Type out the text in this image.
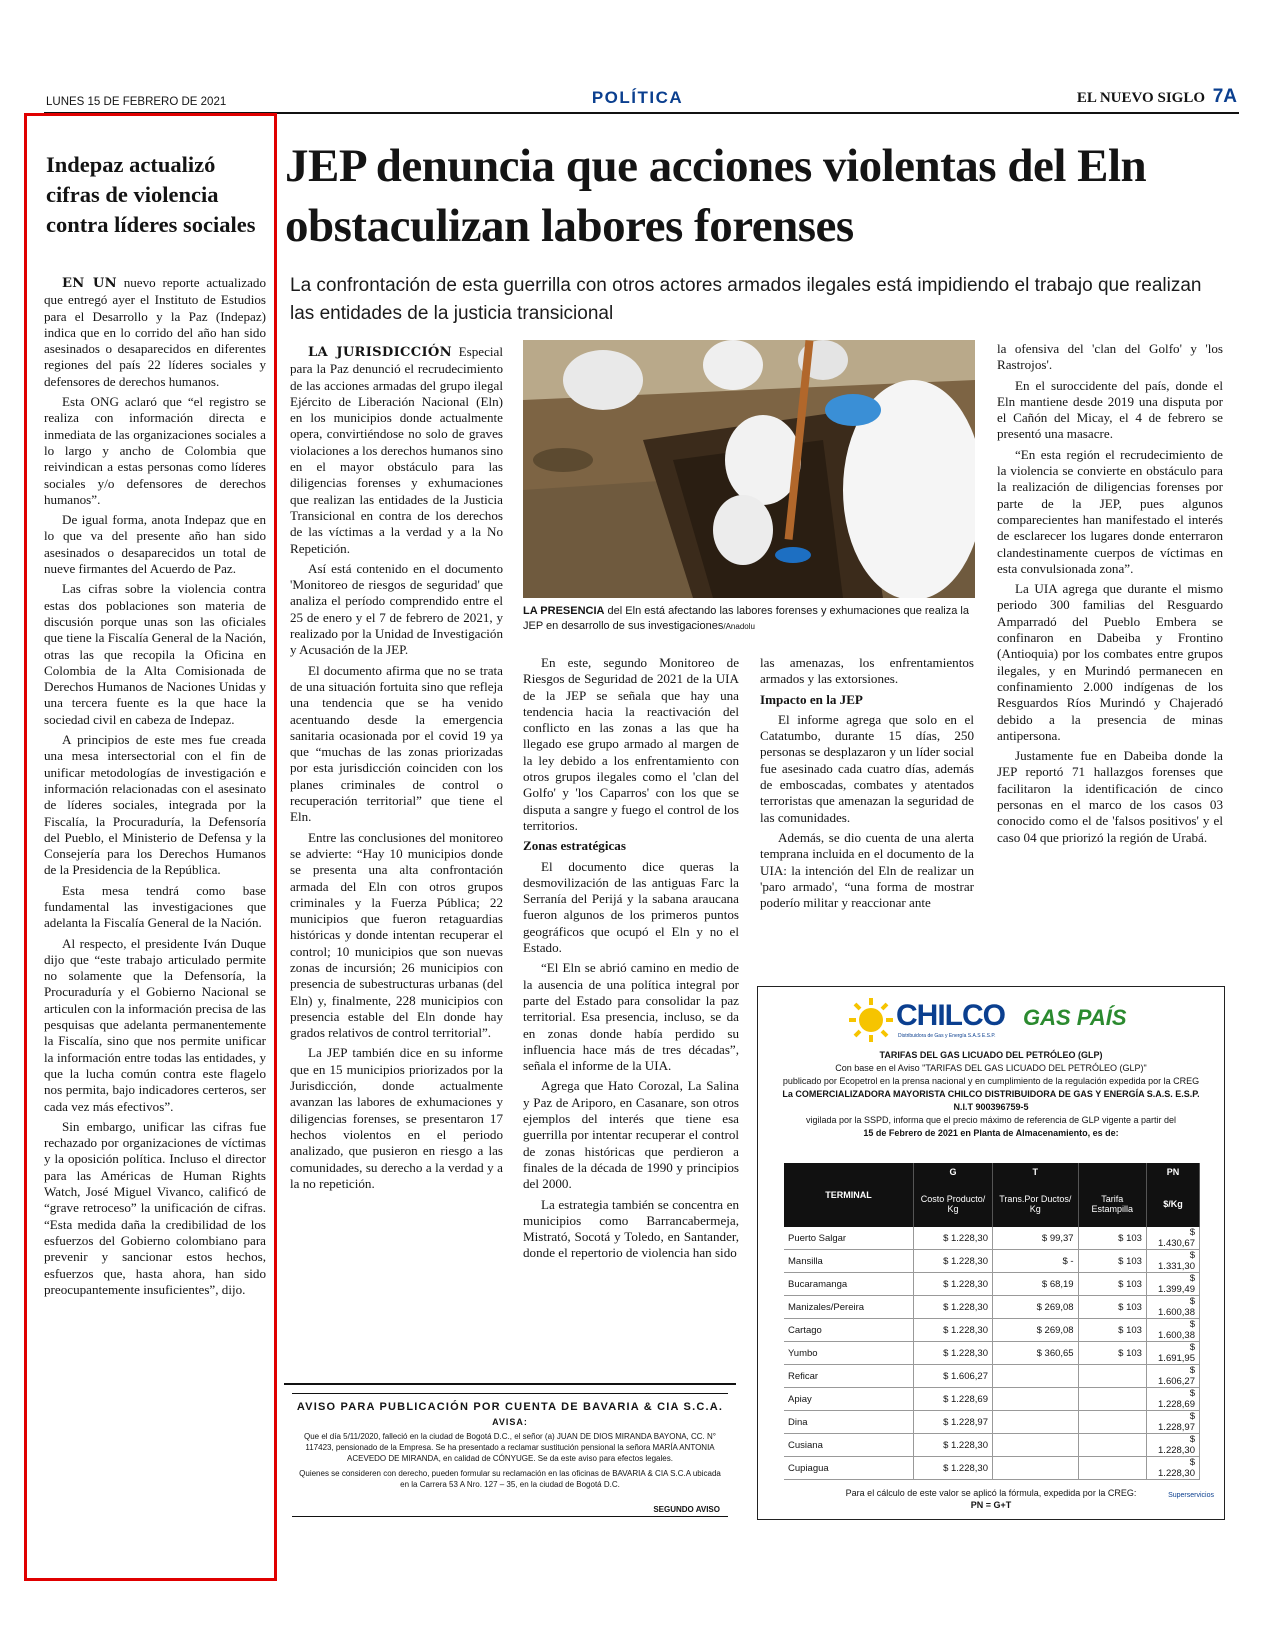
LUNES 15 DE FEBRERO DE 2021	POLÍTICA	EL NUEVO SIGLO 7A
Indepaz actualizó cifras de violencia contra líderes sociales

EN UN nuevo reporte actualizado que entregó ayer el Instituto de Estudios para el Desarrollo y la Paz (Indepaz) indica que en lo corrido del año han sido asesinados o desaparecidos en diferentes regiones del país 22 líderes sociales y defensores de derechos humanos.

Esta ONG aclaró que “el registro se realiza con información directa e inmediata de las organizaciones sociales a lo largo y ancho de Colombia que reivindican a estas personas como líderes sociales y/o defensores de derechos humanos”.

De igual forma, anota Indepaz que en lo que va del presente año han sido asesinados o desaparecidos un total de nueve firmantes del Acuerdo de Paz.

Las cifras sobre la violencia contra estas dos poblaciones son materia de discusión porque unas son las oficiales que tiene la Fiscalía General de la Nación, otras las que recopila la Oficina en Colombia de la Alta Comisionada de Derechos Humanos de Naciones Unidas y una tercera fuente es la que hace la sociedad civil en cabeza de Indepaz.

A principios de este mes fue creada una mesa intersectorial con el fin de unificar metodologías de investigación e información relacionadas con el asesinato de líderes sociales, integrada por la Fiscalía, la Procuraduría, la Defensoría del Pueblo, el Ministerio de Defensa y la Consejería para los Derechos Humanos de la Presidencia de la República.

Esta mesa tendrá como base fundamental las investigaciones que adelanta la Fiscalía General de la Nación.

Al respecto, el presidente Iván Duque dijo que “este trabajo articulado permite no solamente que la Defensoría, la Procuraduría y el Gobierno Nacional se articulen con la información precisa de las pesquisas que adelanta permanentemente la Fiscalía, sino que nos permite unificar la información entre todas las entidades, y que la lucha común contra este flagelo nos permita, bajo indicadores certeros, ser cada vez más efectivos”.

Sin embargo, unificar las cifras fue rechazado por organizaciones de víctimas y la oposición política. Incluso el director para las Américas de Human Rights Watch, José Miguel Vivanco, calificó de “grave retroceso” la unificación de cifras. “Esta medida daña la credibilidad de los esfuerzos del Gobierno colombiano para prevenir y sancionar estos hechos, esfuerzos que, hasta ahora, han sido preocupantemente insuficientes”, dijo.

JEP denuncia que acciones violentas del Eln obstaculizan labores forenses
La confrontación de esta guerrilla con otros actores armados ilegales está impidiendo el trabajo que realizan las entidades de la justicia transicional

LA JURISDICCIÓN Especial para la Paz denunció el recrudecimiento de las acciones armadas del grupo ilegal Ejército de Liberación Nacional (Eln) en los municipios donde actualmente opera, convirtiéndose no solo de graves violaciones a los derechos humanos sino en el mayor obstáculo para las diligencias forenses y exhumaciones que realizan las entidades de la Justicia Transicional en contra de los derechos de las víctimas a la verdad y a la No Repetición.

Así está contenido en el documento 'Monitoreo de riesgos de seguridad' que analiza el período comprendido entre el 25 de enero y el 7 de febrero de 2021, y realizado por la Unidad de Investigación y Acusación de la JEP.

El documento afirma que no se trata de una situación fortuita sino que refleja una tendencia que se ha venido acentuando desde la emergencia sanitaria ocasionada por el covid 19 ya que “muchas de las zonas priorizadas por esta jurisdicción coinciden con los planes criminales de control o recuperación territorial” que tiene el Eln.

Entre las conclusiones del monitoreo se advierte: “Hay 10 municipios donde se presenta una alta confrontación armada del Eln con otros grupos criminales y la Fuerza Pública; 22 municipios que fueron retaguardias históricas y donde intentan recuperar el control; 10 municipios que son nuevas zonas de incursión; 26 municipios con presencia de subestructuras urbanas (del Eln) y, finalmente, 228 municipios con presencia estable del Eln donde hay grados relativos de control territorial”.

La JEP también dice en su informe que en 15 municipios priorizados por la Jurisdicción, donde actualmente avanzan las labores de exhumaciones y diligencias forenses, se presentaron 17 hechos violentos en el periodo analizado, que pusieron en riesgo a las comunidades, su derecho a la verdad y a la no repetición.

LA PRESENCIA del Eln está afectando las labores forenses y exhumaciones que realiza la JEP en desarrollo de sus investigaciones/Anadolu

En este, segundo Monitoreo de Riesgos de Seguridad de 2021 de la UIA de la JEP se señala que hay una tendencia hacia la reactivación del conflicto en las zonas a las que ha llegado ese grupo armado al margen de la ley debido a los enfrentamiento con otros grupos ilegales como el 'clan del Golfo' y 'los Caparros' con los que se disputa a sangre y fuego el control de los territorios.

Zonas estratégicas

El documento dice queras la desmovilización de las antiguas Farc la Serranía del Perijá y la sabana araucana fueron algunos de los primeros puntos geográficos que ocupó el Eln y no el Estado.

“El Eln se abrió camino en medio de la ausencia de una política integral por parte del Estado para consolidar la paz territorial. Esa presencia, incluso, se da en zonas donde había perdido su influencia hace más de tres décadas”, señala el informe de la UIA.

Agrega que Hato Corozal, La Salina y Paz de Ariporo, en Casanare, son otros ejemplos del interés que tiene esa guerrilla por intentar recuperar el control de zonas históricas que perdieron a finales de la década de 1990 y principios del 2000.

La estrategia también se concentra en municipios como Barrancabermeja, Mistrató, Socotá y Toledo, en Santander, donde el repertorio de violencia han sido

las amenazas, los enfrentamientos armados y las extorsiones.

Impacto en la JEP

El informe agrega que solo en el Catatumbo, durante 15 días, 250 personas se desplazaron y un líder social fue asesinado cada cuatro días, además de emboscadas, combates y atentados terroristas que amenazan la seguridad de las comunidades.

Además, se dio cuenta de una alerta temprana incluida en el documento de la UIA: la intención del Eln de realizar un 'paro armado', “una forma de mostrar poderío militar y reaccionar ante

la ofensiva del 'clan del Golfo' y 'los Rastrojos'.

En el suroccidente del país, donde el Eln mantiene desde 2019 una disputa por el Cañón del Micay, el 4 de febrero se presentó una masacre.

“En esta región el recrudecimiento de la violencia se convierte en obstáculo para la realización de diligencias forenses por parte de la JEP, pues algunos comparecientes han manifestado el interés de esclarecer los lugares donde enterraron clandestinamente cuerpos de víctimas en esta convulsionada zona”.

La UIA agrega que durante el mismo periodo 300 familias del Resguardo Amparradó del Pueblo Embera se confinaron en Dabeiba y Frontino (Antioquia) por los combates entre grupos ilegales, y en Murindó permanecen en confinamiento 2.000 indígenas de los Resguardos Ríos Murindó y Chajeradó debido a la presencia de minas antipersona.

Justamente fue en Dabeiba donde la JEP reportó 71 hallazgos forenses que facilitaron la identificación de cinco personas en el marco de los casos 03 conocido como el de 'falsos positivos' y el caso 04 que priorizó la región de Urabá.

AVISO PARA PUBLICACIÓN POR CUENTA DE BAVARIA & CIA S.C.A.
AVISA:
Que el día 5/11/2020, falleció en la ciudad de Bogotá D.C., el señor (a) JUAN DE DIOS MIRANDA BAYONA, CC. N° 117423, pensionado de la Empresa. Se ha presentado a reclamar sustitución pensional la señora MARÍA ANTONIA ACEVEDO DE MIRANDA, en calidad de CÓNYUGE. Se da este aviso para efectos legales.
Quienes se consideren con derecho, pueden formular su reclamación en las oficinas de BAVARIA & CIA S.C.A ubicada en la Carrera 53 A Nro. 127 – 35, en la ciudad de Bogotá D.C.
SEGUNDO AVISO
CHILCO
Distribuidora de Gas y Energía S.A.S E.S.P.
GAS PAÍS
TARIFAS DEL GAS LICUADO DEL PETRÓLEO (GLP)
Con base en el Aviso "TARIFAS DEL GAS LICUADO DEL PETRÓLEO (GLP)"
publicado por Ecopetrol en la prensa nacional y en cumplimiento de la regulación expedida por la CREG
La COMERCIALIZADORA MAYORISTA CHILCO DISTRIBUIDORA DE GAS Y ENERGÍA S.A.S. E.S.P.
N.I.T 900396759-5
vigilada por la SSPD, informa que el precio máximo de referencia de GLP vigente a partir del
15 de Febrero de 2021 en Planta de Almacenamiento, es de:
TERMINAL	G	T		PN
	Costo Producto/ Kg	Trans.Por Ductos/ Kg	Tarifa Estampilla	$/Kg
Puerto Salgar	$ 1.228,30	$ 99,37	$ 103	$ 1.430,67
Mansilla	$ 1.228,30	$ -	$ 103	$ 1.331,30
Bucaramanga	$ 1.228,30	$ 68,19	$ 103	$ 1.399,49
Manizales/Pereira	$ 1.228,30	$ 269,08	$ 103	$ 1.600,38
Cartago	$ 1.228,30	$ 269,08	$ 103	$ 1.600,38
Yumbo	$ 1.228,30	$ 360,65	$ 103	$ 1.691,95
Reficar	$ 1.606,27			$ 1.606,27
Apiay	$ 1.228,69			$ 1.228,69
Dina	$ 1.228,97			$ 1.228,97
Cusiana	$ 1.228,30			$ 1.228,30
Cupiagua	$ 1.228,30			$ 1.228,30
Para el cálculo de este valor se aplicó la fórmula, expedida por la CREG:
PN = G+T
Superservicios
